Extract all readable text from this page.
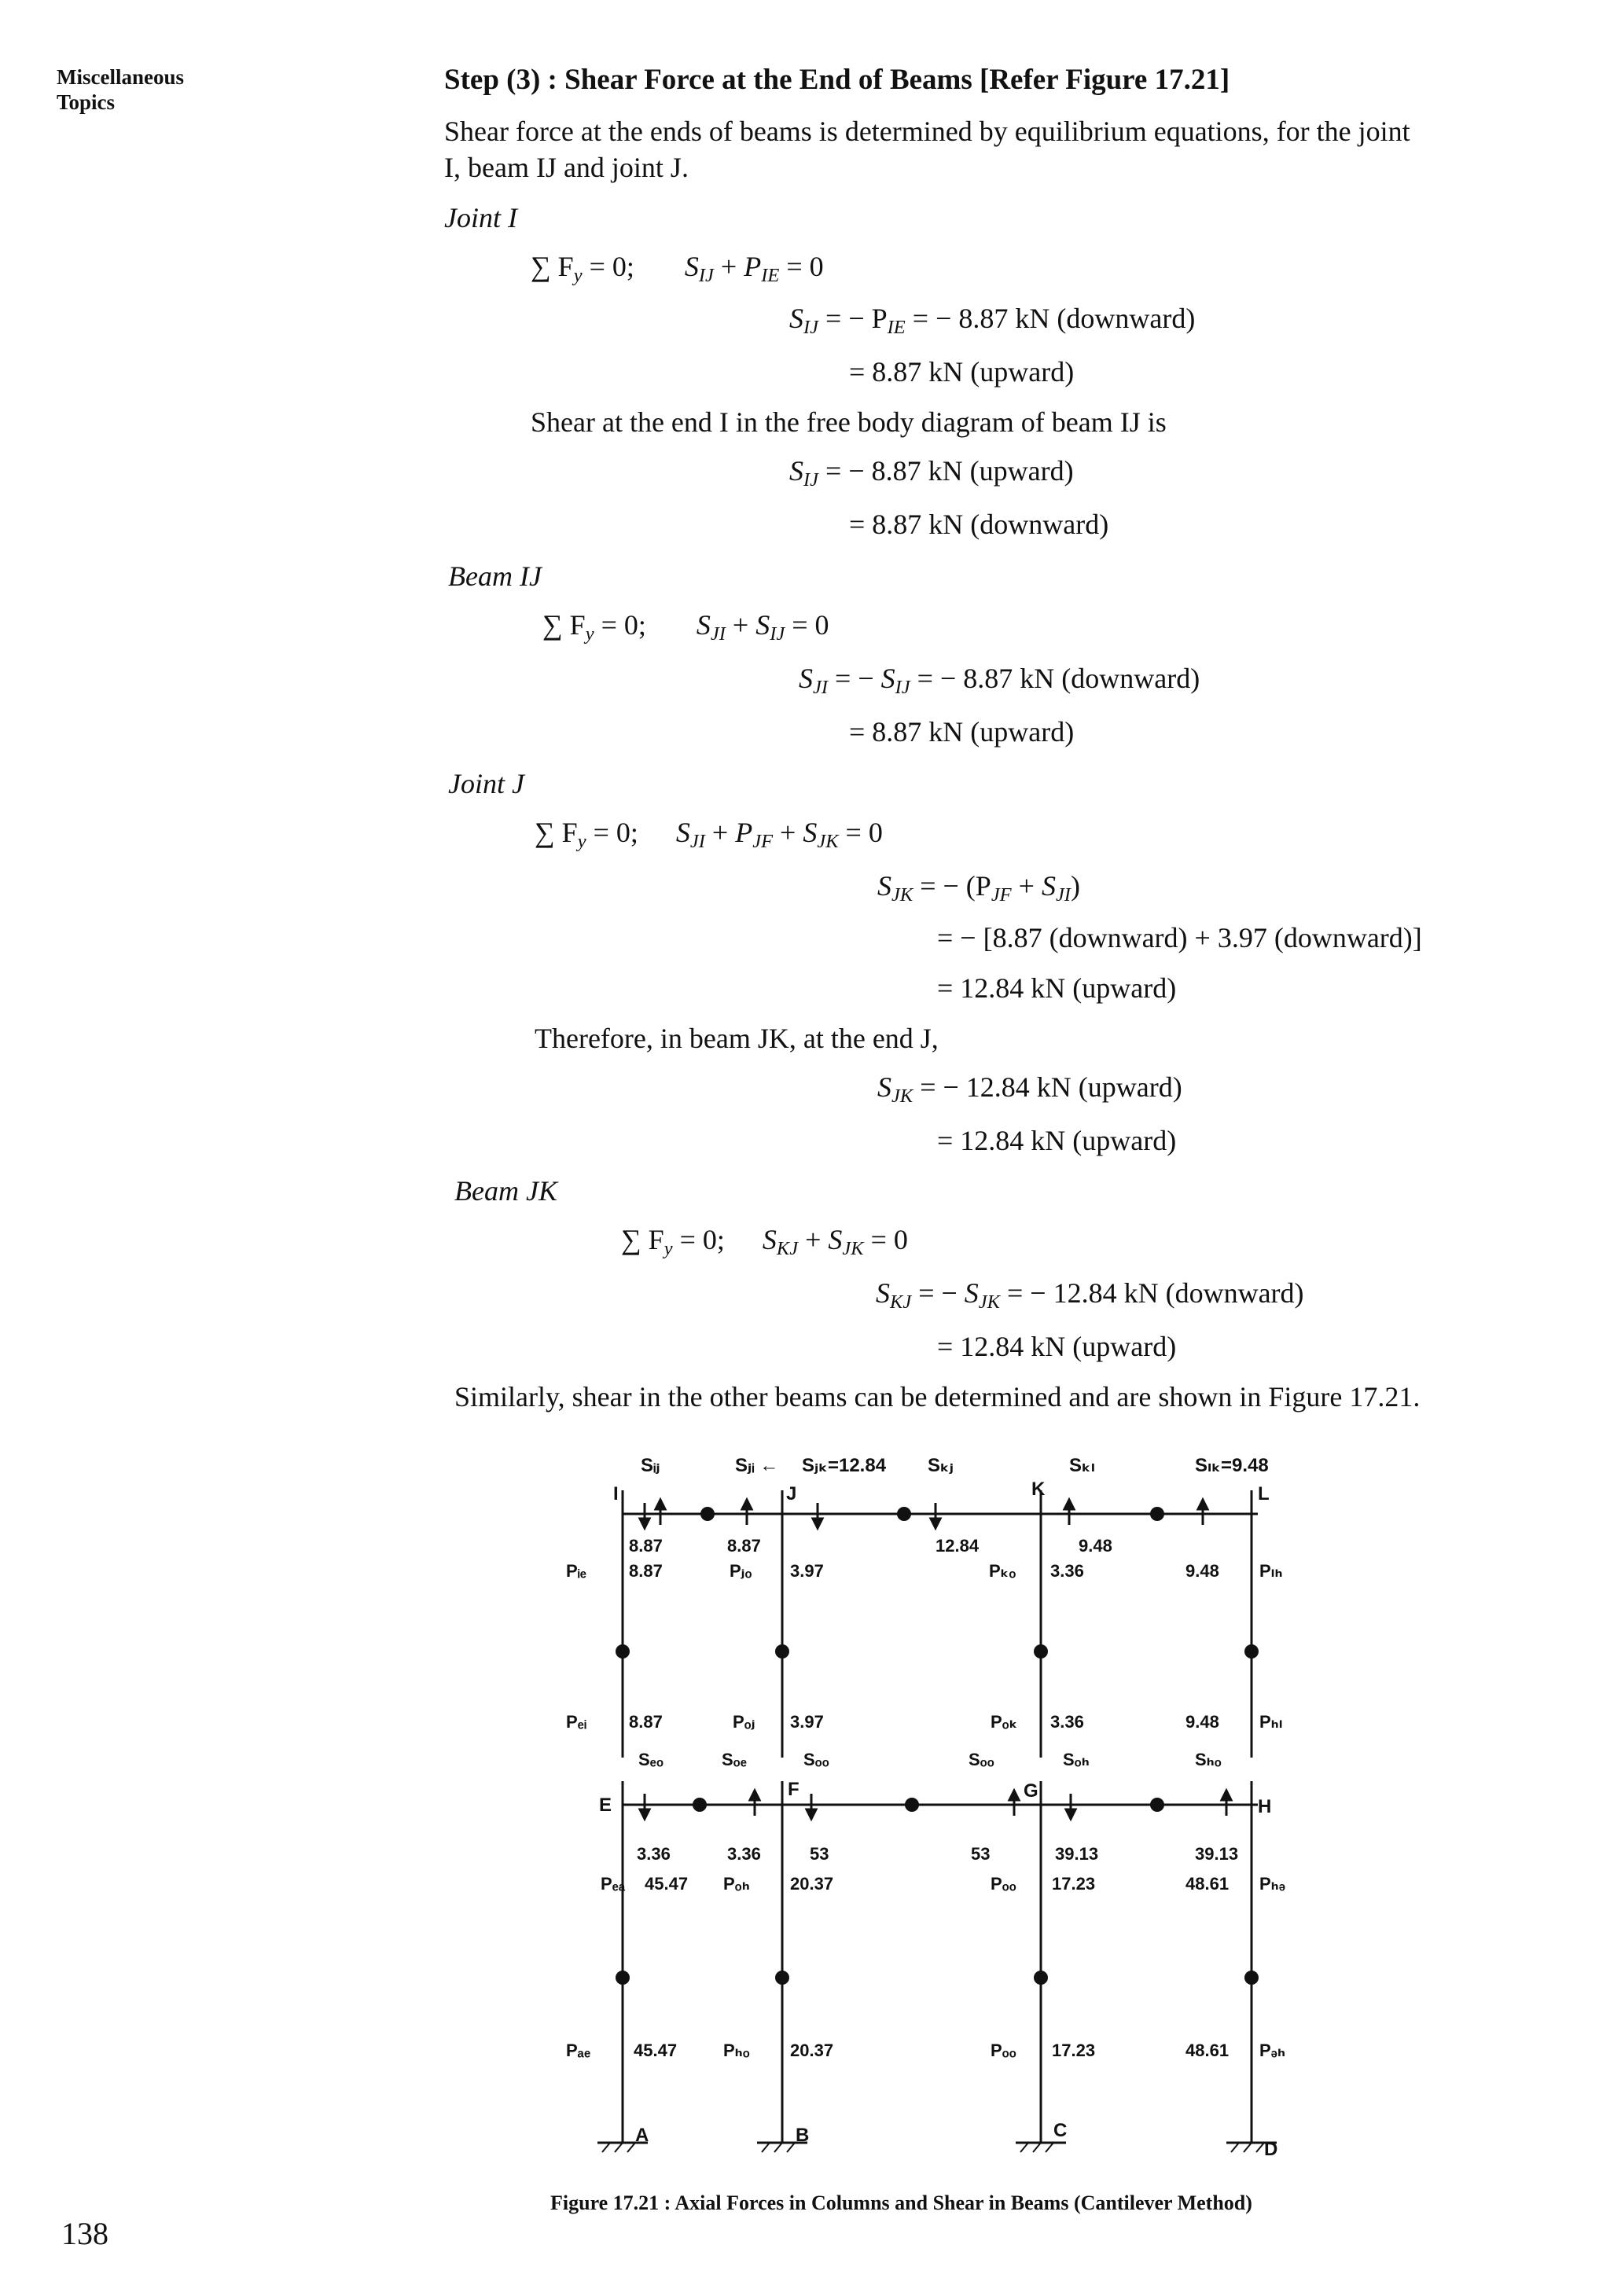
Miscellaneous
Topics
138
Step (3) : Shear Force at the End of Beams [Refer Figure 17.21]
Shear force at the ends of beams is determined by equilibrium equations, for the joint
I, beam IJ and joint J.
Joint I
∑ $F_y = 0$; $S_{IJ} + P_{IE} = 0$
$S_{IJ}$ = − $P_{IE}$ = − 8.87 kN (downward)
= 8.87 kN (upward)
Shear at the end I in the free body diagram of beam IJ is
$S_{IJ}$ = − 8.87 kN (upward)
= 8.87 kN (downward)
Beam IJ
∑ $F_y = 0$; $S_{JI} + S_{IJ} = 0$
$S_{JI}$ = − $S_{IJ}$ = − 8.87 kN (downward)
= 8.87 kN (upward)
Joint J
∑ $F_y = 0$; $S_{JI} + P_{JF} + S_{JK} = 0$
$S_{JK}$ = − $(P_{JF} + S_{JI})$
= − [8.87 (downward) + 3.97 (downward)]
= 12.84 kN (upward)
Therefore, in beam JK, at the end J,
$S_{JK}$ = − 12.84 kN (upward)
= 12.84 kN (upward)
Beam JK
∑ $F_y = 0$; $S_{KJ} + S_{JK} = 0$
$S_{KJ}$ = − $S_{JK}$ = − 12.84 kN (downward)
= 12.84 kN (upward)
Similarly, shear in the other beams can be determined and are shown in Figure 17.21.
Sᵢⱼ	Sⱼᵢ ← Sⱼₖ=12.84 Sₖⱼ	Sₖₗ	Sₗₖ=9.48
I	J	K	L
E
F	G
H
A	B	C
D
8.87	8.87	12.84	9.48
Pᵢₑ 8.87	Pⱼₒ 3.97	Pₖₒ 3.36	9.48 Pₗₕ
Pₑᵢ 8.87	Pₒⱼ 3.97	Pₒₖ 3.36	9.48 Pₕₗ
Sₑₒ	Sₒₑ	Sₒₒ	Sₒₒ	Sₒₕ	Sₕₒ
3.36	3.36	53	53	39.13	39.13
Pₑₐ 45.47 Pₒₕ 20.37	Pₒₒ 17.23	48.61 Pₕₔ
Pₐₑ 45.47	Pₕₒ 20.37	Pₒₒ 17.23	48.61 Pₔₕ
Figure 17.21 : Axial Forces in Columns and Shear in Beams (Cantilever Method)
